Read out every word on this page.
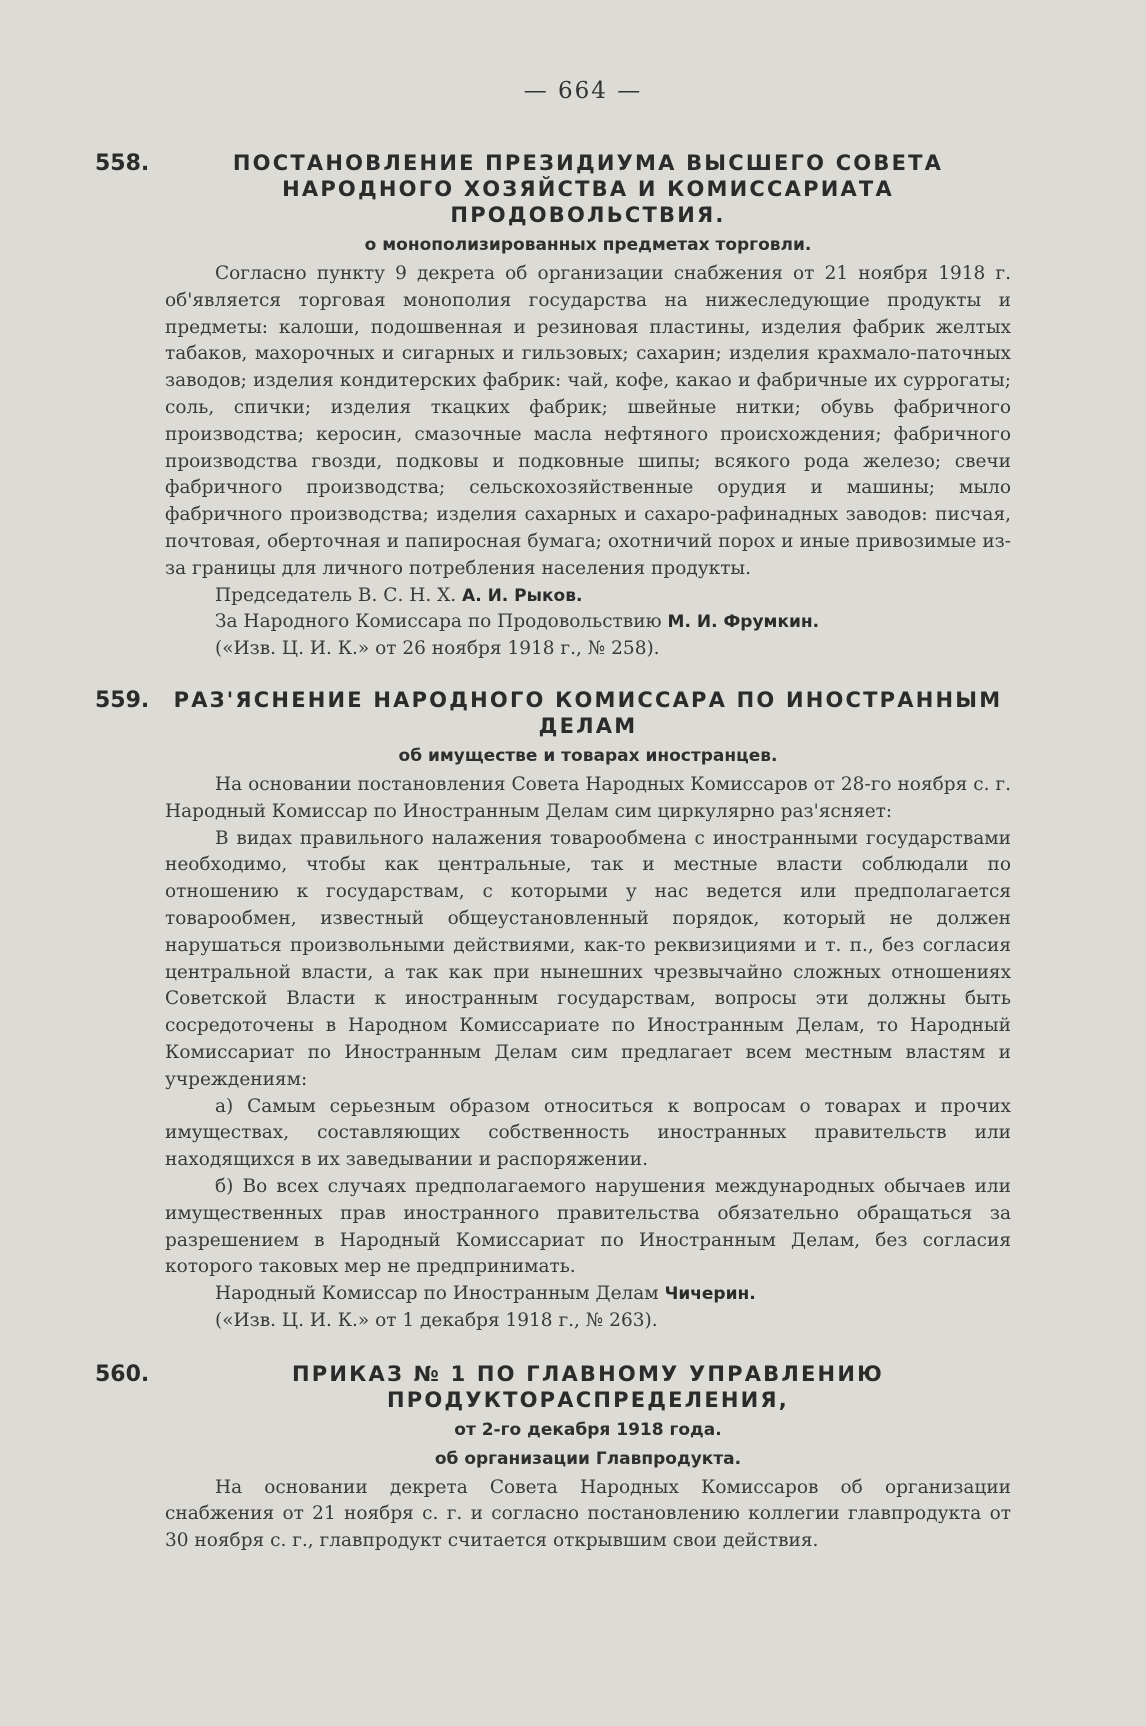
— 664 —
558.	ПОСТАНОВЛЕНИЕ ПРЕЗИДИУМА ВЫСШЕГО СОВЕТА НАРОДНОГО ХОЗЯЙСТВА И КОМИССАРИАТА ПРОДОВОЛЬСТВИЯ.
о монополизированных предметах торговли.

Согласно пункту 9 декрета об организации снабжения от 21 ноября 1918 г. об'является торговая монополия государства на нижеследующие продукты и предметы: калоши, подошвенная и резиновая пластины, изделия фабрик желтых табаков, махорочных и сигарных и гильзовых; сахарин; изделия крахмало-паточных заводов; изделия кондитерских фабрик: чай, кофе, какао и фабричные их суррогаты; соль, спички; изделия ткацких фабрик; швейные нитки; обувь фабричного производства; керосин, смазочные масла нефтяного происхождения; фабричного производства гвозди, подковы и подковные шипы; всякого рода железо; свечи фабричного производства; сельскохозяйственные орудия и машины; мыло фабричного производства; изделия сахарных и сахаро-рафинадных заводов: писчая, почтовая, оберточная и папиросная бумага; охотничий порох и иные привозимые из-за границы для личного потребления населения продукты.

Председатель В. С. Н. Х. А. И. Рыков.
За Народного Комиссара по Продовольствию М. И. Фрумкин.
(«Изв. Ц. И. К.» от 26 ноября 1918 г., № 258).
559.	РАЗ'ЯСНЕНИЕ НАРОДНОГО КОМИССАРА ПО ИНОСТРАННЫМ ДЕЛАМ
об имуществе и товарах иностранцев.

На основании постановления Совета Народных Комиссаров от 28-го ноября с. г. Народный Комиссар по Иностранным Делам сим циркулярно раз'ясняет:

В видах правильного налажения товарообмена с иностранными государствами необходимо, чтобы как центральные, так и местные власти соблюдали по отношению к государствам, с которыми у нас ведется или предполагается товарообмен, известный общеустановленный порядок, который не должен нарушаться произвольными действиями, как-то реквизициями и т. п., без согласия центральной власти, а так как при нынешних чрезвычайно сложных отношениях Советской Власти к иностранным государствам, вопросы эти должны быть сосредоточены в Народном Комиссариате по Иностранным Делам, то Народный Комиссариат по Иностранным Делам сим предлагает всем местным властям и учреждениям:

а) Самым серьезным образом относиться к вопросам о товарах и прочих имуществах, составляющих собственность иностранных правительств или находящихся в их заведывании и распоряжении.

б) Во всех случаях предполагаемого нарушения международных обычаев или имущественных прав иностранного правительства обязательно обращаться за разрешением в Народный Комиссариат по Иностранным Делам, без согласия которого таковых мер не предпринимать.

Народный Комиссар по Иностранным Делам Чичерин.
(«Изв. Ц. И. К.» от 1 декабря 1918 г., № 263).
560.	ПРИКАЗ № 1 ПО ГЛАВНОМУ УПРАВЛЕНИЮ ПРОДУКТОРАСПРЕДЕЛЕНИЯ,
от 2-го декабря 1918 года.
об организации Главпродукта.

На основании декрета Совета Народных Комиссаров об организации снабжения от 21 ноября с. г. и согласно постановлению коллегии главпродукта от 30 ноября с. г., главпродукт считается открывшим свои действия.
